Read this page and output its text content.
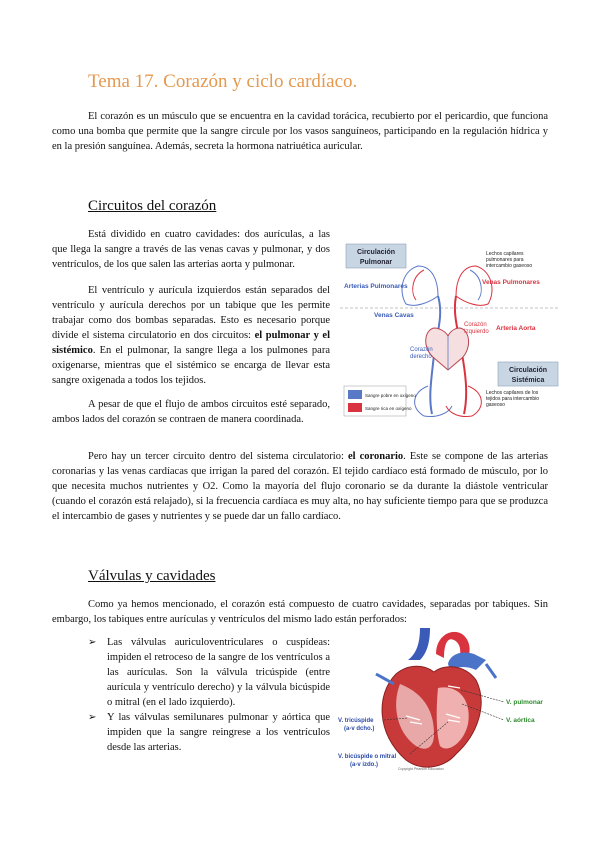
Tema 17. Corazón y ciclo cardíaco.

El corazón es un músculo que se encuentra en la cavidad torácica, recubierto por el pericardio, que funciona como una bomba que permite que la sangre circule por los vasos sanguíneos, participando en la regulación hídrica y en la presión sanguínea. Además, secreta la hormona natriuética auricular.

Circuitos del corazón

Está dividido en cuatro cavidades: dos aurículas, a las que llega la sangre a través de las venas cavas y pulmonar, y dos ventrículos, de los que salen las arterias aorta y pulmonar.

El ventrículo y aurícula izquierdos están separados del ventrículo y aurícula derechos por un tabique que les permite trabajar como dos bombas separadas. Esto es necesario porque divide el sistema circulatorio en dos circuitos: el pulmonar y el sistémico. En el pulmonar, la sangre llega a los pulmones para oxigenarse, mientras que el sistémico se encarga de llevar esta sangre oxigenada a todos los tejidos.

A pesar de que el flujo de ambos circuitos esté separado, ambos lados del corazón se contraen de manera coordinada.

Pero hay un tercer circuito dentro del sistema circulatorio: el coronario. Este se compone de las arterias coronarias y las venas cardíacas que irrigan la pared del corazón. El tejido cardíaco está formado de músculo, por lo que necesita muchos nutrientes y O2. Como la mayoría del flujo coronario se da durante la diástole ventricular (cuando el corazón está relajado), si la frecuencia cardíaca es muy alta, no hay suficiente tiempo para que se produzca el intercambio de gases y nutrientes y se puede dar un fallo cardíaco.

Circulación
Pulmonar
Arterias Pulmonares
Venas Pulmonares
Venas Cavas
Arteria Aorta
Corazón
Izquierdo
Corazón
derecho
Lechos capilares
pulmonares para
intercambio gaseoso
Circulación
Sistémica
Lechos capilares de los
tejidos para intercambio
gaseoso
Sangre pobre en oxígeno
Sangre rica en oxígeno
Válvulas y cavidades

Como ya hemos mencionado, el corazón está compuesto de cuatro cavidades, separadas por tabiques. Sin embargo, los tabiques entre aurículas y ventrículos del mismo lado están perforados:

➢ Las válvulas auriculoventriculares o cuspídeas: impiden el retroceso de la sangre de los ventrículos a las aurículas. Son la válvula tricúspide (entre aurícula y ventrículo derecho) y la válvula bicúspide o mitral (en el lado izquierdo).
➢ Y las válvulas semilunares pulmonar y aórtica que impiden que la sangre reingrese a los ventrículos desde las arterias.
V. pulmonar
V. aórtica
V. tricúspide
(a-v dcho.)
V. bicúspide o mitral
(a-v izdo.)
Copyright Pearson Education
